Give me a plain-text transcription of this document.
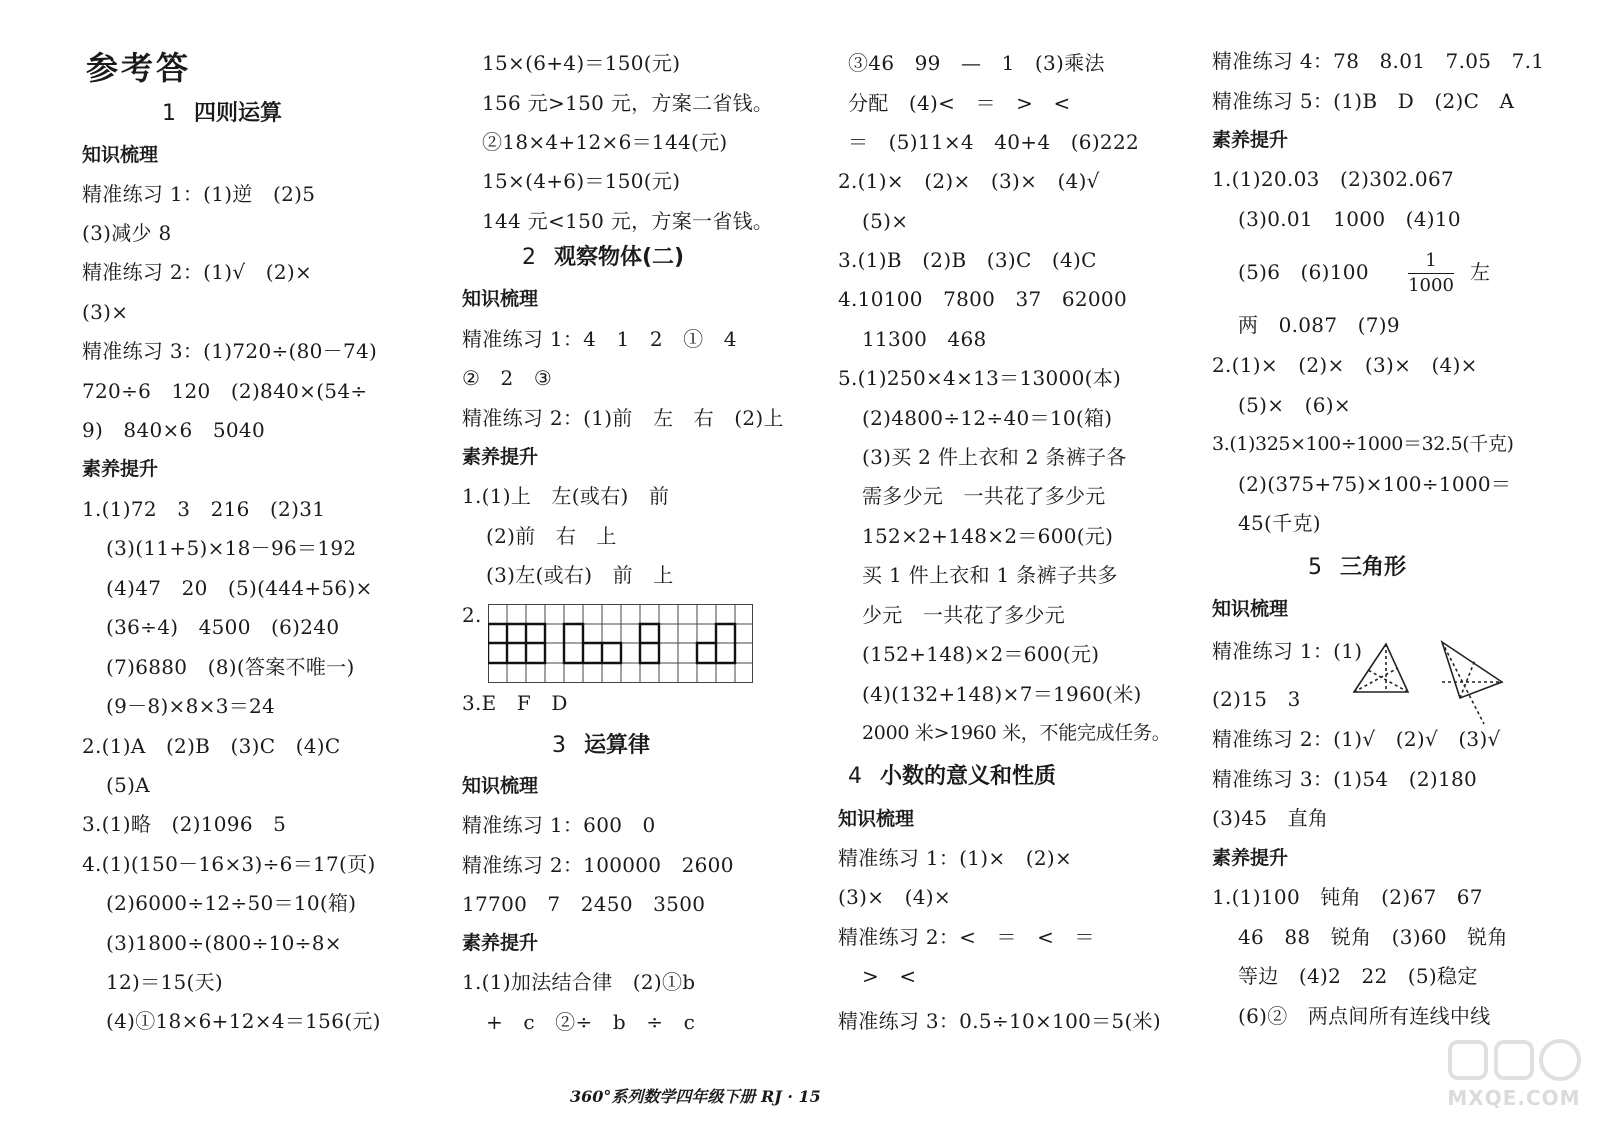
参考答
1 四则运算
知识梳理
精准练习 1：(1)逆　(2)5
(3)减少 8
精准练习 2：(1)√　(2)×
(3)×
精准练习 3：(1)720÷(80－74)
720÷6　120　(2)840×(54÷
9)　840×6　5040
素养提升
1.(1)72　3　216　(2)31
(3)(11+5)×18－96＝192
(4)47　20　(5)(444+56)×
(36÷4)　4500　(6)240
(7)6880　(8)(答案不唯一)
(9－8)×8×3＝24
2.(1)A　(2)B　(3)C　(4)C
(5)A
3.(1)略　(2)1096　5
4.(1)(150－16×3)÷6＝17(页)
(2)6000÷12÷50＝10(箱)
(3)1800÷(800÷10÷8×
12)＝15(天)
(4)①18×6+12×4＝156(元)
15×(6+4)＝150(元)
156 元>150 元，方案二省钱。
②18×4+12×6＝144(元)
15×(4+6)＝150(元)
144 元<150 元，方案一省钱。
2 观察物体(二)
知识梳理
精准练习 1：4　1　2　①　4
②　2　③
精准练习 2：(1)前　左　右　(2)上
素养提升
1.(1)上　左(或右)　前
(2)前　右　上
(3)左(或右)　前　上
2.
3.E　F　D
3 运算律
知识梳理
精准练习 1：600　0
精准练习 2：100000　2600
17700　7　2450　3500
素养提升
1.(1)加法结合律　(2)①b
+　c　②÷　b　÷　c
③46　99　—　1　(3)乘法
分配　(4)<　＝　>　<
＝　(5)11×4　40+4　(6)222
2.(1)×　(2)×　(3)×　(4)√
(5)×
3.(1)B　(2)B　(3)C　(4)C
4.10100　7800　37　62000
11300　468
5.(1)250×4×13＝13000(本)
(2)4800÷12÷40＝10(箱)
(3)买 2 件上衣和 2 条裤子各
需多少元　一共花了多少元
152×2+148×2＝600(元)
买 1 件上衣和 1 条裤子共多
少元　一共花了多少元
(152+148)×2＝600(元)
(4)(132+148)×7＝1960(米)
2000 米>1960 米，不能完成任务。
4 小数的意义和性质
知识梳理
精准练习 1：(1)×　(2)×
(3)×　(4)×
精准练习 2：<　＝　<　＝
>　<
精准练习 3：0.5÷10×100＝5(米)
精准练习 4：78　8.01　7.05　7.1
精准练习 5：(1)B　D　(2)C　A
素养提升
1.(1)20.03　(2)302.067
(3)0.01　1000　(4)10
(5)6　(6)100	1
1000
左
两　0.087　(7)9
2.(1)×　(2)×　(3)×　(4)×
(5)×　(6)×
3.(1)325×100÷1000＝32.5(千克)
(2)(375+75)×100÷1000＝
45(千克)
5 三角形
知识梳理
精准练习 1：(1)
(2)15　3
精准练习 2：(1)√　(2)√　(3)√
精准练习 3：(1)54　(2)180
(3)45　直角
素养提升
1.(1)100　钝角　(2)67　67
46　88　锐角　(3)60　锐角
等边　(4)2　22　(5)稳定
(6)②　两点间所有连线中线
360°系列数学四年级下册 RJ · 15	MXQE.COM
